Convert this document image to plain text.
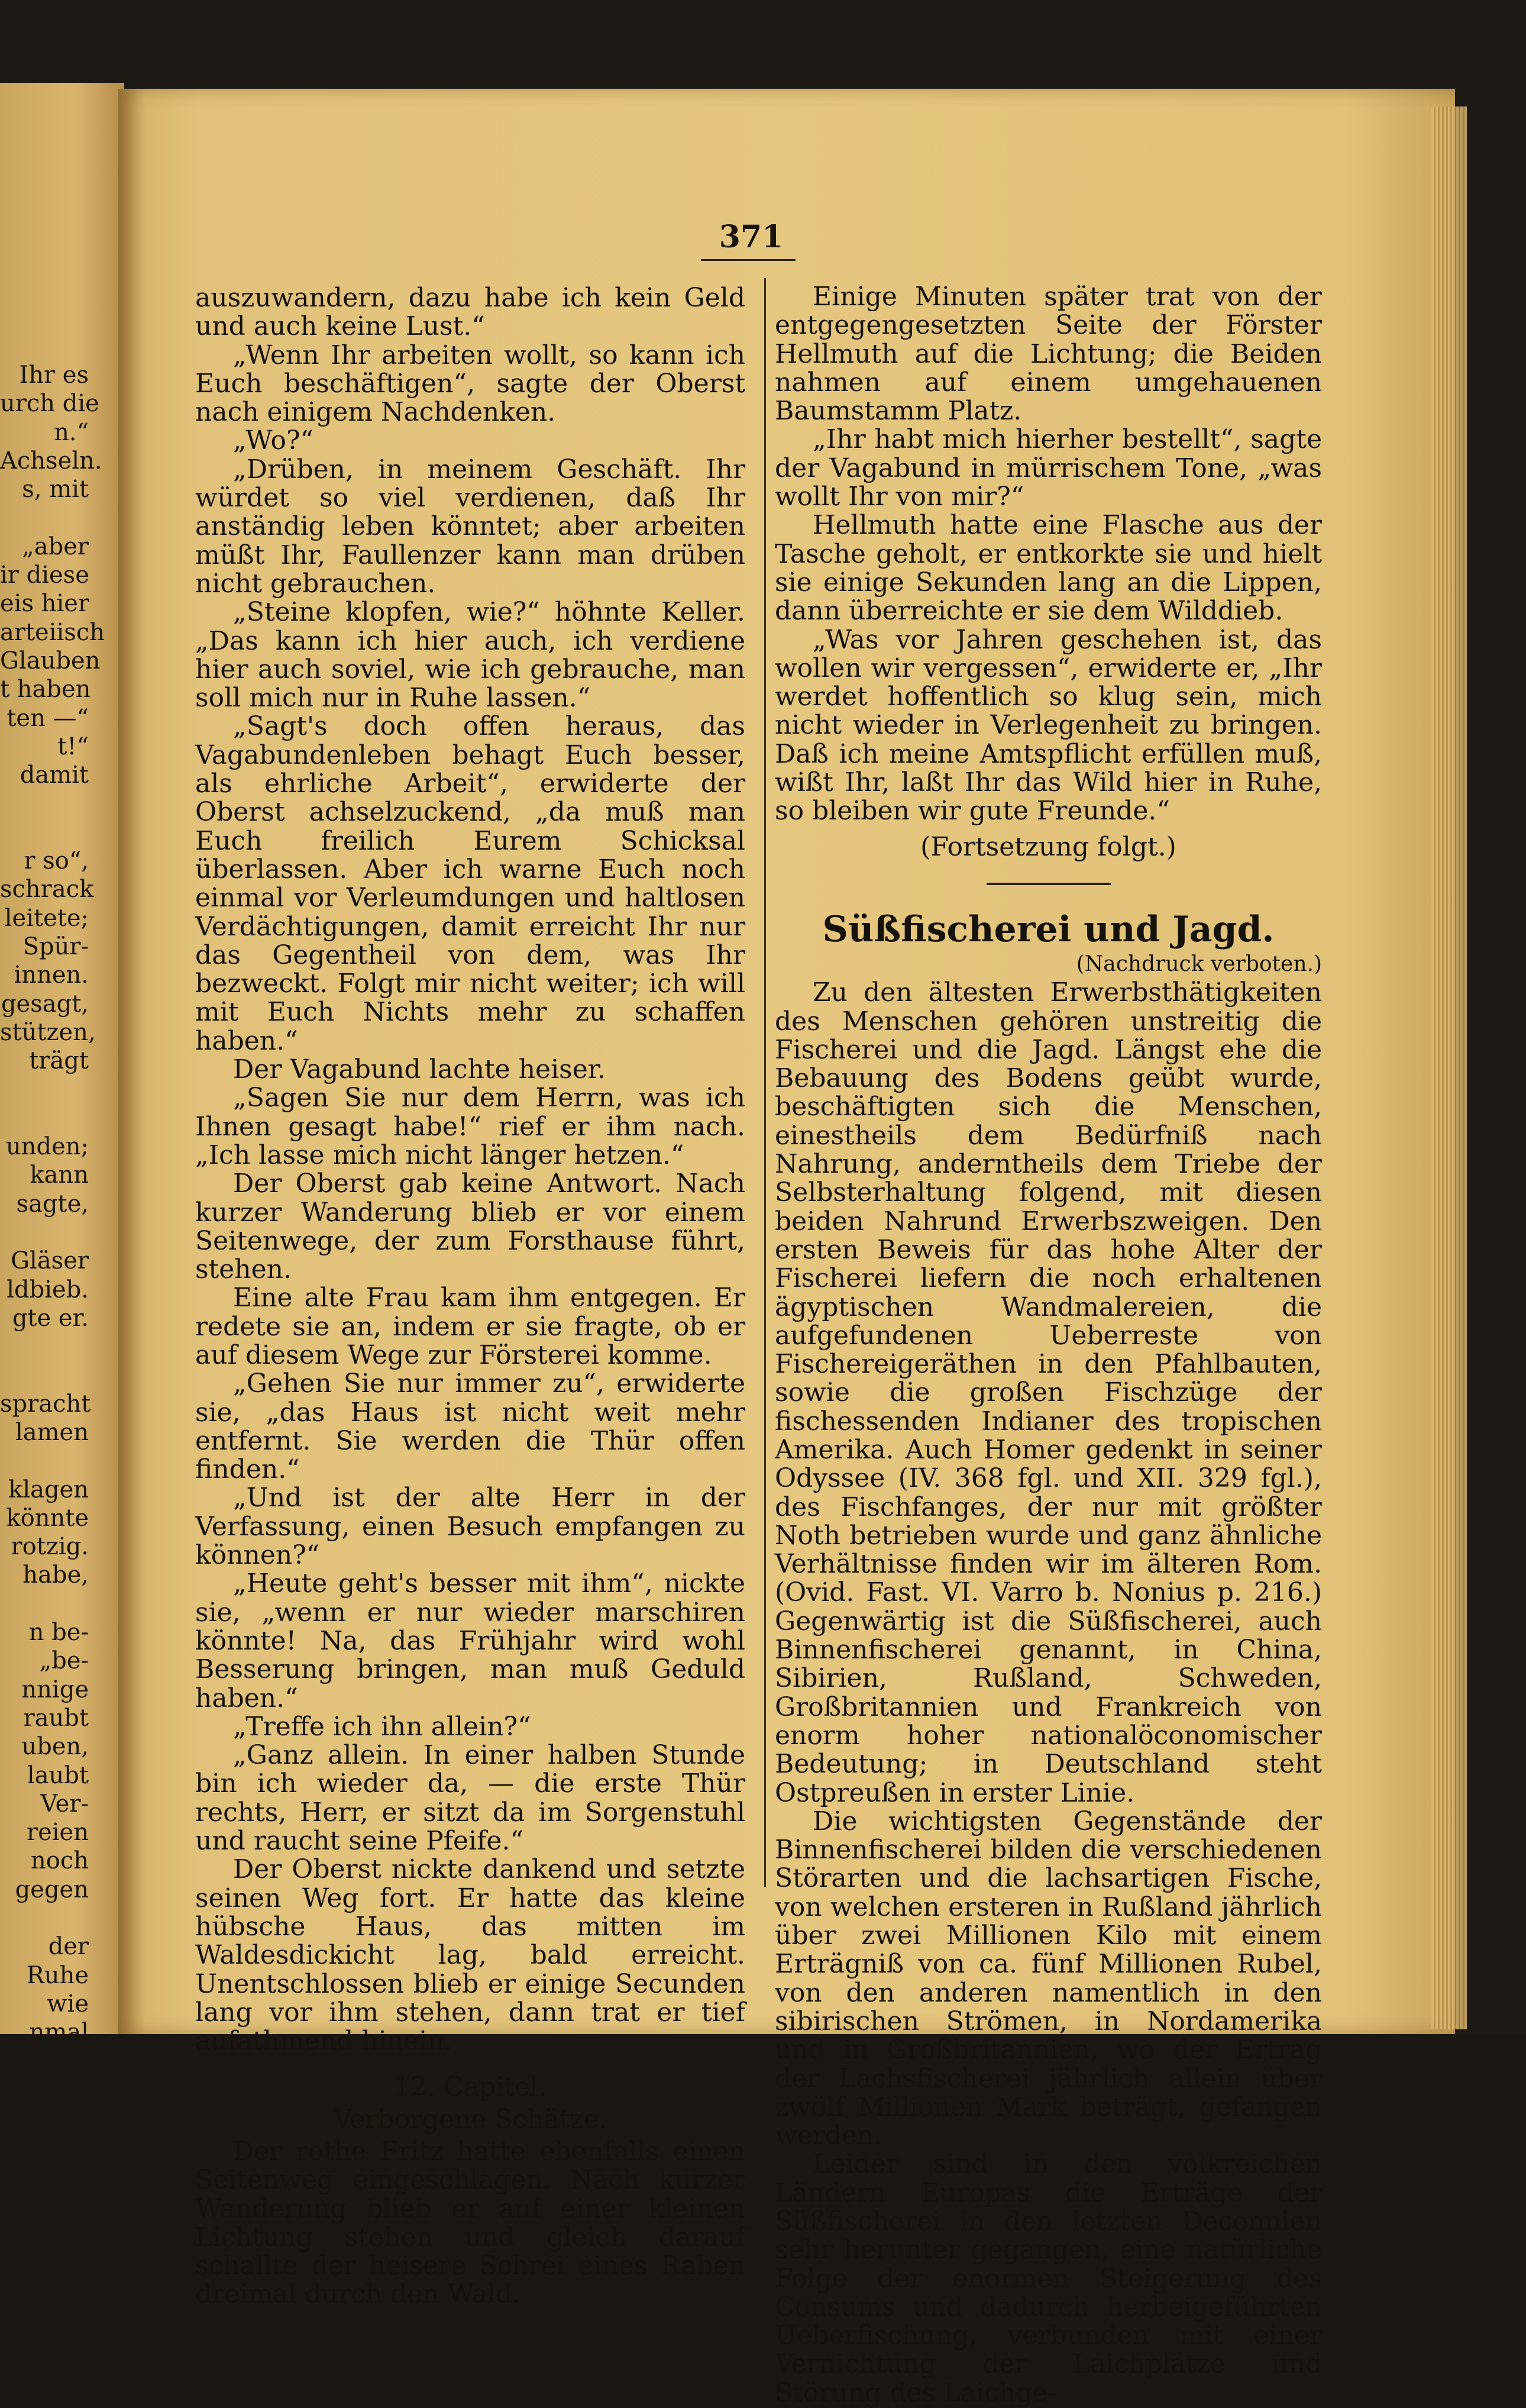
Ihr es
urch die
n.“
Achseln.
s, mit
„aber
ir diese
eis hier
arteiisch
Glauben
t haben
ten —“
t!“
damit
r so“,
schrack
leitete;
Spür-
innen.
gesagt,
stützen,
trägt
unden;
kann
sagte,
Gläser
ldbieb.
gte er.
spracht
lamen
klagen
könnte
rotzig.
habe,
n be-
„be-
nnige
raubt
uben,
laubt
Ver-
reien
noch
gegen
der
Ruhe
wie
nmal
371

auszuwandern, dazu habe ich kein Geld und auch keine Lust.“

„Wenn Ihr arbeiten wollt, so kann ich Euch beschäftigen“, sagte der Oberst nach einigem Nachdenken.

„Wo?“

„Drüben, in meinem Geschäft. Ihr würdet so viel verdienen, daß Ihr anständig leben könntet; aber arbeiten müßt Ihr, Faullenzer kann man drüben nicht gebrauchen.

„Steine klopfen, wie?“ höhnte Keller. „Das kann ich hier auch, ich verdiene hier auch soviel, wie ich gebrauche, man soll mich nur in Ruhe lassen.“

„Sagt's doch offen heraus, das Vagabundenleben behagt Euch besser, als ehrliche Arbeit“, erwiderte der Oberst achselzuckend, „da muß man Euch freilich Eurem Schicksal überlassen. Aber ich warne Euch noch einmal vor Verleumdungen und haltlosen Verdächtigungen, damit erreicht Ihr nur das Gegentheil von dem, was Ihr bezweckt. Folgt mir nicht weiter; ich will mit Euch Nichts mehr zu schaffen haben.“

Der Vagabund lachte heiser.

„Sagen Sie nur dem Herrn, was ich Ihnen gesagt habe!“ rief er ihm nach. „Ich lasse mich nicht länger hetzen.“

Der Oberst gab keine Antwort. Nach kurzer Wanderung blieb er vor einem Seitenwege, der zum Forsthause führt, stehen.

Eine alte Frau kam ihm entgegen. Er redete sie an, indem er sie fragte, ob er auf diesem Wege zur Försterei komme.

„Gehen Sie nur immer zu“, erwiderte sie, „das Haus ist nicht weit mehr entfernt. Sie werden die Thür offen finden.“

„Und ist der alte Herr in der Verfassung, einen Besuch empfangen zu können?“

„Heute geht's besser mit ihm“, nickte sie, „wenn er nur wieder marschiren könnte! Na, das Frühjahr wird wohl Besserung bringen, man muß Geduld haben.“

„Treffe ich ihn allein?“

„Ganz allein. In einer halben Stunde bin ich wieder da, — die erste Thür rechts, Herr, er sitzt da im Sorgenstuhl und raucht seine Pfeife.“

Der Oberst nickte dankend und setzte seinen Weg fort. Er hatte das kleine hübsche Haus, das mitten im Waldesdickicht lag, bald erreicht. Unentschlossen blieb er einige Secunden lang vor ihm stehen, dann trat er tief aufathmend hinein.

12. Capitel.

Verborgene Schätze.

Der rothe Fritz hatte ebenfalls einen Seitenweg eingeschlagen. Nach kurzer Wanderung blieb er auf einer kleinen Lichtung stehen und gleich darauf schallte der heisere Schrei eines Raben dreimal durch den Wald.

Einige Minuten später trat von der entgegengesetzten Seite der Förster Hellmuth auf die Lichtung; die Beiden nahmen auf einem umgehauenen Baumstamm Platz.

„Ihr habt mich hierher bestellt“, sagte der Vagabund in mürrischem Tone, „was wollt Ihr von mir?“

Hellmuth hatte eine Flasche aus der Tasche geholt, er entkorkte sie und hielt sie einige Sekunden lang an die Lippen, dann überreichte er sie dem Wilddieb.

„Was vor Jahren geschehen ist, das wollen wir vergessen“, erwiderte er, „Ihr werdet hoffentlich so klug sein, mich nicht wieder in Verlegenheit zu bringen. Daß ich meine Amtspflicht erfüllen muß, wißt Ihr, laßt Ihr das Wild hier in Ruhe, so bleiben wir gute Freunde.“

(Fortsetzung folgt.)

Süßfischerei und Jagd.

(Nachdruck verboten.)

Zu den ältesten Erwerbsthätigkeiten des Menschen gehören unstreitig die Fischerei und die Jagd. Längst ehe die Bebauung des Bodens geübt wurde, beschäftigten sich die Menschen, einestheils dem Bedürfniß nach Nahrung, anderntheils dem Triebe der Selbsterhaltung folgend, mit diesen beiden Nahrund Erwerbszweigen. Den ersten Beweis für das hohe Alter der Fischerei liefern die noch erhaltenen ägyptischen Wandmalereien, die aufgefundenen Ueberreste von Fischereigeräthen in den Pfahlbauten, sowie die großen Fischzüge der fischessenden Indianer des tropischen Amerika. Auch Homer gedenkt in seiner Odyssee (IV. 368 fgl. und XII. 329 fgl.), des Fischfanges, der nur mit größter Noth betrieben wurde und ganz ähnliche Verhältnisse finden wir im älteren Rom. (Ovid. Fast. VI. Varro b. Nonius p. 216.) Gegenwärtig ist die Süßfischerei, auch Binnenfischerei genannt, in China, Sibirien, Rußland, Schweden, Großbritannien und Frankreich von enorm hoher nationalöconomischer Bedeutung; in Deutschland steht Ostpreußen in erster Linie.

Die wichtigsten Gegenstände der Binnenfischerei bilden die verschiedenen Störarten und die lachsartigen Fische, von welchen ersteren in Rußland jährlich über zwei Millionen Kilo mit einem Erträgniß von ca. fünf Millionen Rubel, von den anderen namentlich in den sibirischen Strömen, in Nordamerika und in Großbritannien, wo der Ertrag der Lachsfischerei jährlich allein über zwölf Millionen Mark beträgt, gefangen werden.

Leider sind in den volkreichen Ländern Europas die Erträge der Süßfischerei in den letzten Decennien sehr herunter gegangen, eine natürliche Folge der enormen Steigerung des Consums und dadurch herbeigeführten Ueberfischung, verbunden mit einer Vernichtung der Laichplätze und Störung des Laichge-
